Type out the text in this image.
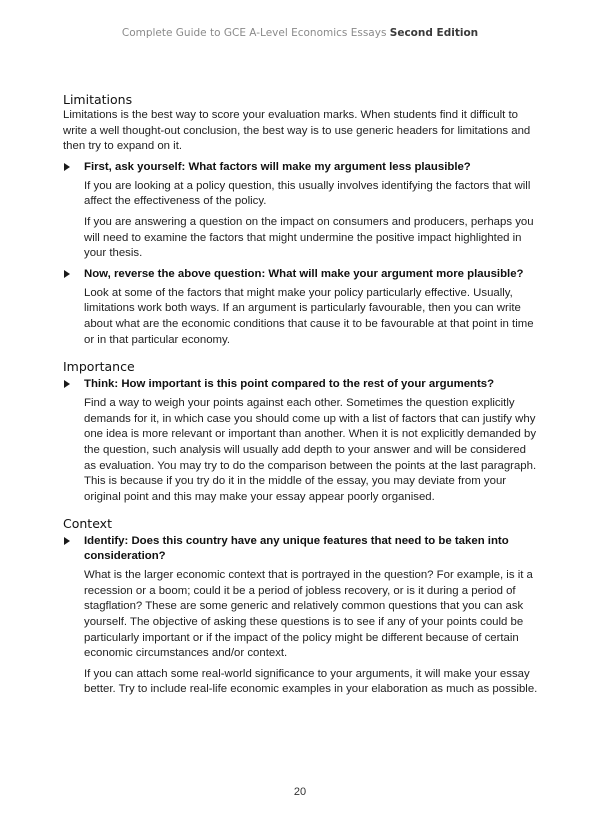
Complete Guide to GCE A-Level Economics Essays Second Edition
Limitations

Limitations is the best way to score your evaluation marks. When students find it difficult to write a well thought-out conclusion, the best way is to use generic headers for limitations and then try to expand on it.

First, ask yourself: What factors will make my argument less plausible?

If you are looking at a policy question, this usually involves identifying the factors that will affect the effectiveness of the policy.

If you are answering a question on the impact on consumers and producers, perhaps you will need to examine the factors that might undermine the positive impact highlighted in your thesis.

Now, reverse the above question: What will make your argument more plausible?

Look at some of the factors that might make your policy particularly effective. Usually, limitations work both ways. If an argument is particularly favourable, then you can write about what are the economic conditions that cause it to be favourable at that point in time or in that particular economy.

Importance
Think: How important is this point compared to the rest of your arguments?

Find a way to weigh your points against each other. Sometimes the question explicitly demands for it, in which case you should come up with a list of factors that can justify why one idea is more relevant or important than another. When it is not explicitly demanded by the question, such analysis will usually add depth to your answer and will be considered as evaluation. You may try to do the comparison between the points at the last paragraph. This is because if you try do it in the middle of the essay, you may deviate from your original point and this may make your essay appear poorly organised.

Context
Identify: Does this country have any unique features that need to be taken into consideration?

What is the larger economic context that is portrayed in the question? For example, is it a recession or a boom; could it be a period of jobless recovery, or is it during a period of stagflation? These are some generic and relatively common questions that you can ask yourself. The objective of asking these questions is to see if any of your points could be particularly important or if the impact of the policy might be different because of certain economic circumstances and/or context.

If you can attach some real-world significance to your arguments, it will make your essay better. Try to include real-life economic examples in your elaboration as much as possible.

20
